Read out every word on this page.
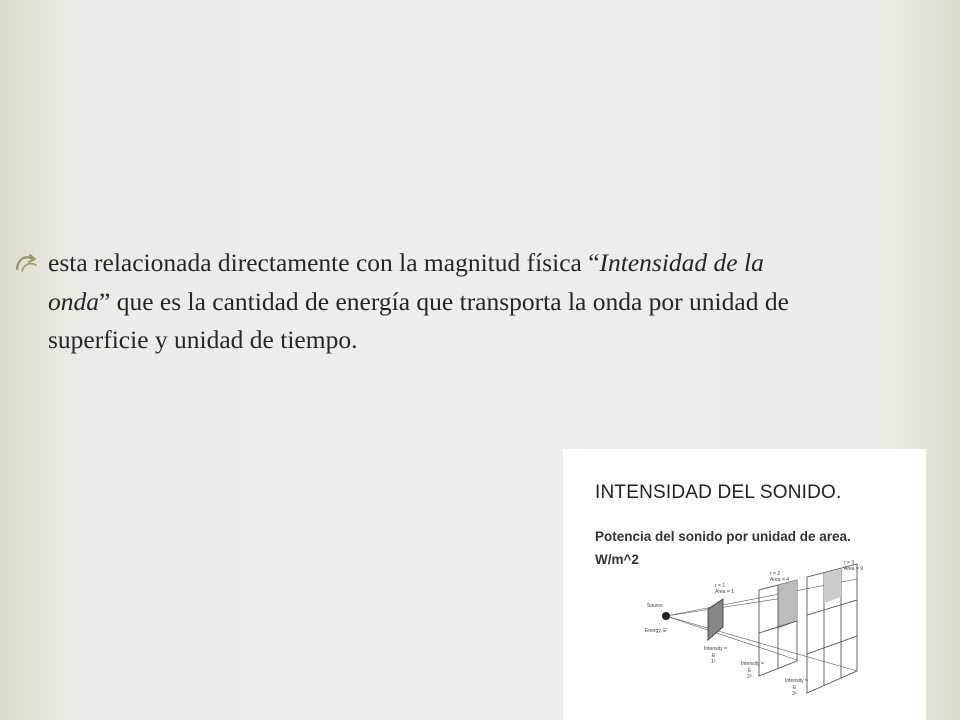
esta relacionada directamente con la magnitud física “Intensidad de la onda” que es la cantidad de energía que transporta la onda por unidad de superficie y unidad de tiempo.
INTENSIDAD DEL SONIDO.
Potencia del sonido por unidad de area.
W/m^2
Source
Energy, E
r = 1
Area = 1
r = 2
Area = 4
r = 3
Area = 9
Intensity =
E
1²	Intensity =
E
2²
Intensity =
E
3²
